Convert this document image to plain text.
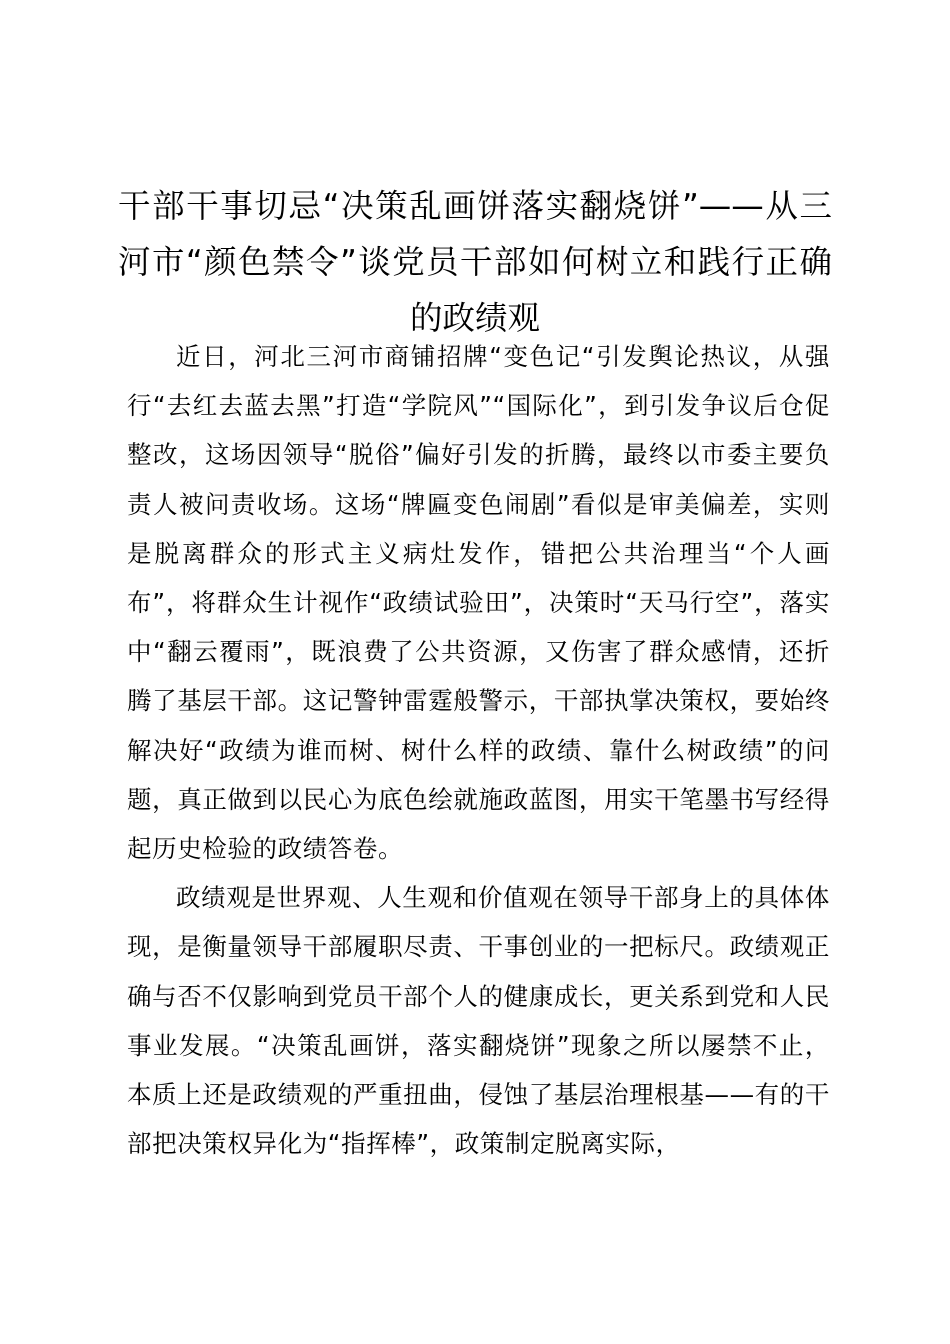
干部干事切忌“决策乱画饼落实翻烧饼”——从三河市“颜色禁令”谈党员干部如何树立和践行正确的政绩观

近日，河北三河市商铺招牌“变色记“引发舆论热议，从强行“去红去蓝去黑”打造“学院风”“国际化”，到引发争议后仓促整改，这场因领导“脱俗”偏好引发的折腾，最终以市委主要负责人被问责收场。这场“牌匾变色闹剧”看似是审美偏差，实则是脱离群众的形式主义病灶发作，错把公共治理当“个人画布”，将群众生计视作“政绩试验田”，决策时“天马行空”，落实中“翻云覆雨”，既浪费了公共资源，又伤害了群众感情，还折腾了基层干部。这记警钟雷霆般警示，干部执掌决策权，要始终解决好“政绩为谁而树、树什么样的政绩、靠什么树政绩”的问题，真正做到以民心为底色绘就施政蓝图，用实干笔墨书写经得起历史检验的政绩答卷。

政绩观是世界观、人生观和价值观在领导干部身上的具体体现，是衡量领导干部履职尽责、干事创业的一把标尺。政绩观正确与否不仅影响到党员干部个人的健康成长，更关系到党和人民事业发展。“决策乱画饼，落实翻烧饼”现象之所以屡禁不止，本质上还是政绩观的严重扭曲，侵蚀了基层治理根基——有的干部把决策权异化为“指挥棒”，政策制定脱离实际，
